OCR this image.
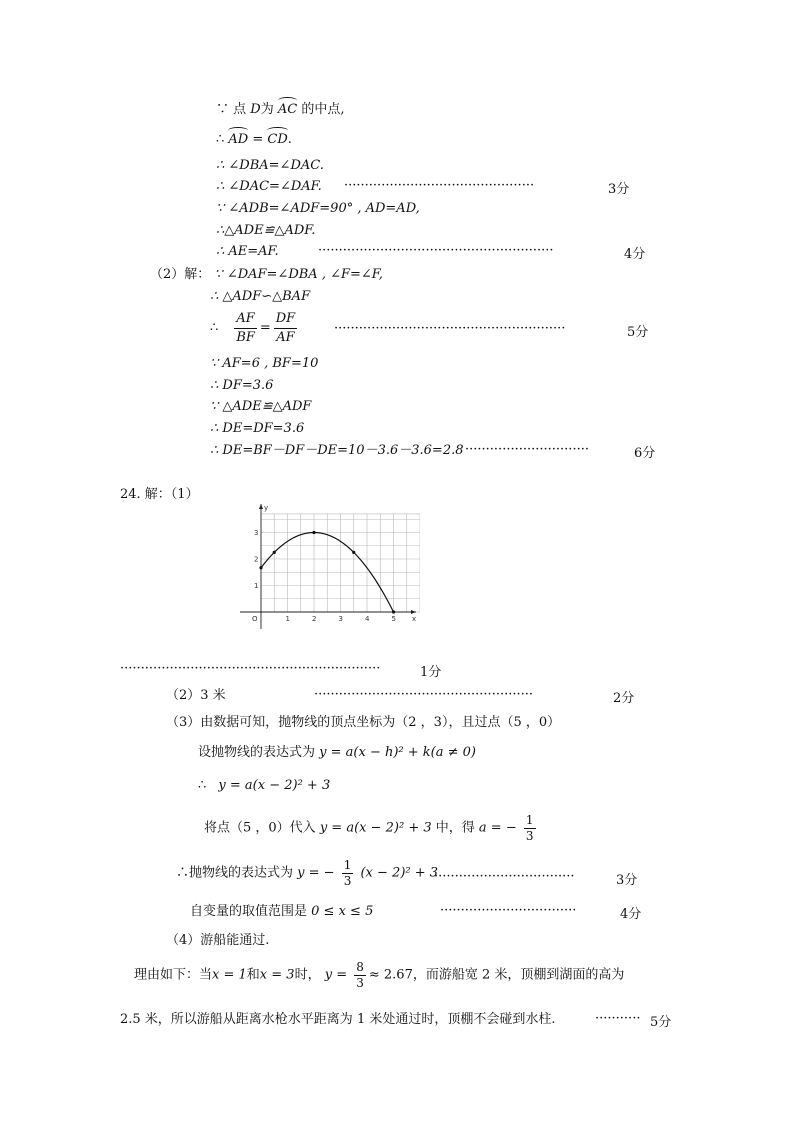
∵ 点 D为 AC 的中点,
∴ AD = CD.
∴ ∠DBA=∠DAC.
∴ ∠DAC=∠DAF. ··············································	3分
∵ ∠ADB=∠ADF=90° , AD=AD,
∴△ADE≌△ADF.
∴ AE=AF.	·························································	4分
（2）解： ∵ ∠DAF=∠DBA , ∠F=∠F,
∴ △ADF∽△BAF
∴ $\frac{AF}{BF} = \frac{DF}{AF}$	························································	5分
∵ AF=6 , BF=10
∴ DF=3.6
∵ △ADE≌△ADF
∴ DE=DF=3.6
∴ DE=BF－DF－DE=10－3.6－3.6=2.8 ······························	6分
24. 解：（1）
1	2	3	4	5
1
2
3
x
y
O
·······························································	1分
（2）3 米	·····················································	2分
（3）由数据可知，抛物线的顶点坐标为（2 ，3），且过点（5 ，0）
设抛物线的表达式为 y = a(x − h)² + k(a ≠ 0)
∴ y = a(x − 2)² + 3
将点（5 ，0）代入 y = a(x − 2)² + 3 中，得 a = − $\frac{1}{3}$
∴抛物线的表达式为 y = − $\frac{1}{3} (x - 2)^2 + 3$
··································	3分
自变量的取值范围是 0 ≤ x ≤ 5	·································	4分
（4）游船能通过.
理由如下：当x = 1和x = 3时， $y = \frac{8}{3} \approx 2.67$，而游船宽 2 米，顶棚到湖面的高为
2.5 米，所以游船从距离水枪水平距离为 1 米处通过时，顶棚不会碰到水柱.	··········· 5分
